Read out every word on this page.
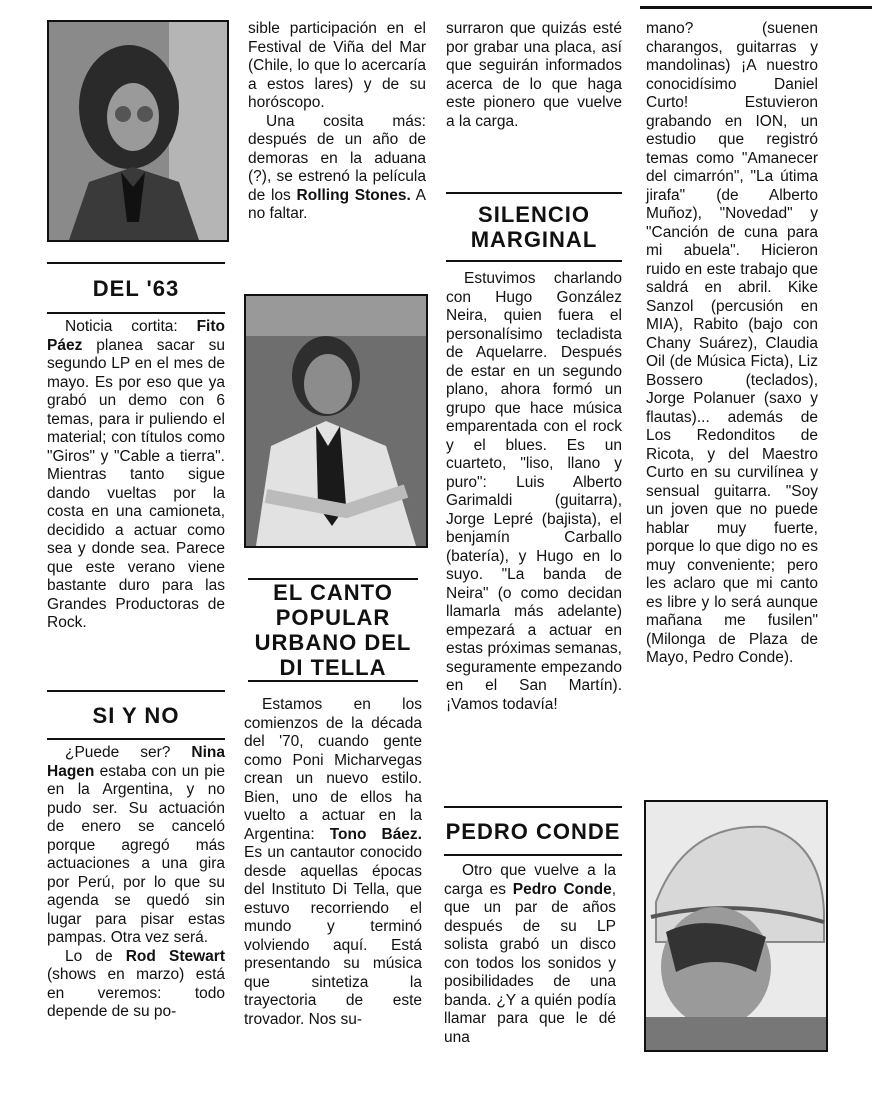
DEL '63
Noticia cortita: Fito Páez planea sacar su segundo LP en el mes de mayo. Es por eso que ya grabó un demo con 6 temas, para ir puliendo el material; con títulos como "Giros" y "Cable a tierra". Mientras tanto sigue dando vueltas por la costa en una camioneta, decidido a actuar como sea y donde sea. Parece que este verano viene bastante duro para las Grandes Productoras de Rock.
SI Y NO

¿Puede ser? Nina Hagen estaba con un pie en la Argentina, y no pudo ser. Su actuación de enero se canceló porque agregó más actuaciones a una gira por Perú, por lo que su agenda se quedó sin lugar para pisar estas pampas. Otra vez será.

Lo de Rod Stewart (shows en marzo) está en veremos: todo depende de su po-

sible participación en el Festival de Viña del Mar (Chile, lo que lo acercaría a estos lares) y de su horóscopo.

Una cosita más: después de un año de demoras en la aduana (?), se estrenó la película de los Rolling Stones. A no faltar.

EL CANTO POPULAR URBANO DEL DI TELLA
Estamos en los comienzos de la década del '70, cuando gente como Poni Micharvegas crean un nuevo estilo. Bien, uno de ellos ha vuelto a actuar en la Argentina: Tono Báez. Es un cantautor conocido desde aquellas épocas del Instituto Di Tella, que estuvo recorriendo el mundo y terminó volviendo aquí. Está presentando su música que sintetiza la trayectoria de este trovador. Nos su-
surraron que quizás esté por grabar una placa, así que seguirán informados acerca de lo que haga este pionero que vuelve a la carga.
SILENCIO MARGINAL
Estuvimos charlando con Hugo González Neira, quien fuera el personalísimo tecladista de Aquelarre. Después de estar en un segundo plano, ahora formó un grupo que hace música emparentada con el rock y el blues. Es un cuarteto, "liso, llano y puro": Luis Alberto Garimaldi (guitarra), Jorge Lepré (bajista), el benjamín Carballo (batería), y Hugo en lo suyo. "La banda de Neira" (o como decidan llamarla más adelante) empezará a actuar en estas próximas semanas, seguramente empezando en el San Martín). ¡Vamos todavía!
PEDRO CONDE
Otro que vuelve a la carga es Pedro Conde, que un par de años después de su LP solista grabó un disco con todos los sonidos y posibilidades de una banda. ¿Y a quién podía llamar para que le dé una
mano? (suenen charangos, guitarras y mandolinas) ¡A nuestro conocidísimo Daniel Curto! Estuvieron grabando en ION, un estudio que registró temas como "Amanecer del cimarrón", "La útima jirafa" (de Alberto Muñoz), "Novedad" y "Canción de cuna para mi abuela". Hicieron ruido en este trabajo que saldrá en abril. Kike Sanzol (percusión en MIA), Rabito (bajo con Chany Suárez), Claudia Oil (de Música Ficta), Liz Bossero (teclados), Jorge Polanuer (saxo y flautas)... además de Los Redonditos de Ricota, y del Maestro Curto en su curvilínea y sensual guitarra. "Soy un joven que no puede hablar muy fuerte, porque lo que digo no es muy conveniente; pero les aclaro que mi canto es libre y lo será aunque mañana me fusilen" (Milonga de Plaza de Mayo, Pedro Conde).
